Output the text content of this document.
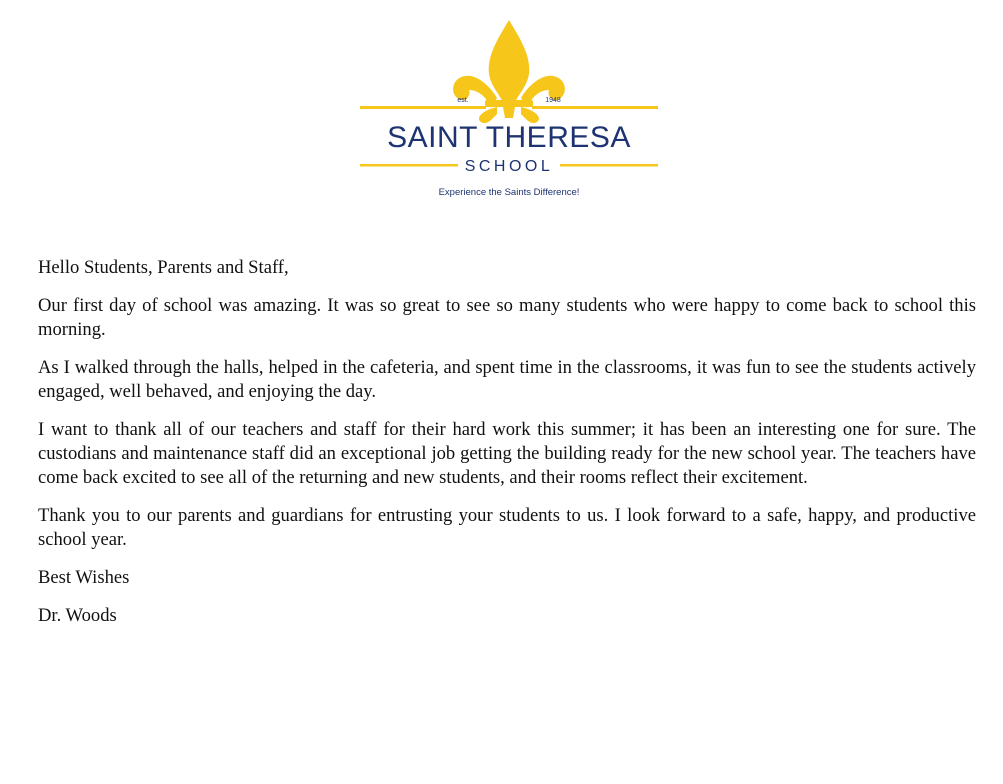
est.	1948
SAINT THERESA
SCHOOL
Experience the Saints Difference!

Hello Students, Parents and Staff,

Our first day of school was amazing. It was so great to see so many students who were happy to come back to school this morning.

As I walked through the halls, helped in the cafeteria, and spent time in the classrooms, it was fun to see the students actively engaged, well behaved, and enjoying the day.

I want to thank all of our teachers and staff for their hard work this summer; it has been an interesting one for sure. The custodians and maintenance staff did an exceptional job getting the building ready for the new school year. The teachers have come back excited to see all of the returning and new students, and their rooms reflect their excitement.

Thank you to our parents and guardians for entrusting your students to us. I look forward to a safe, happy, and productive school year.

Best Wishes

Dr. Woods
